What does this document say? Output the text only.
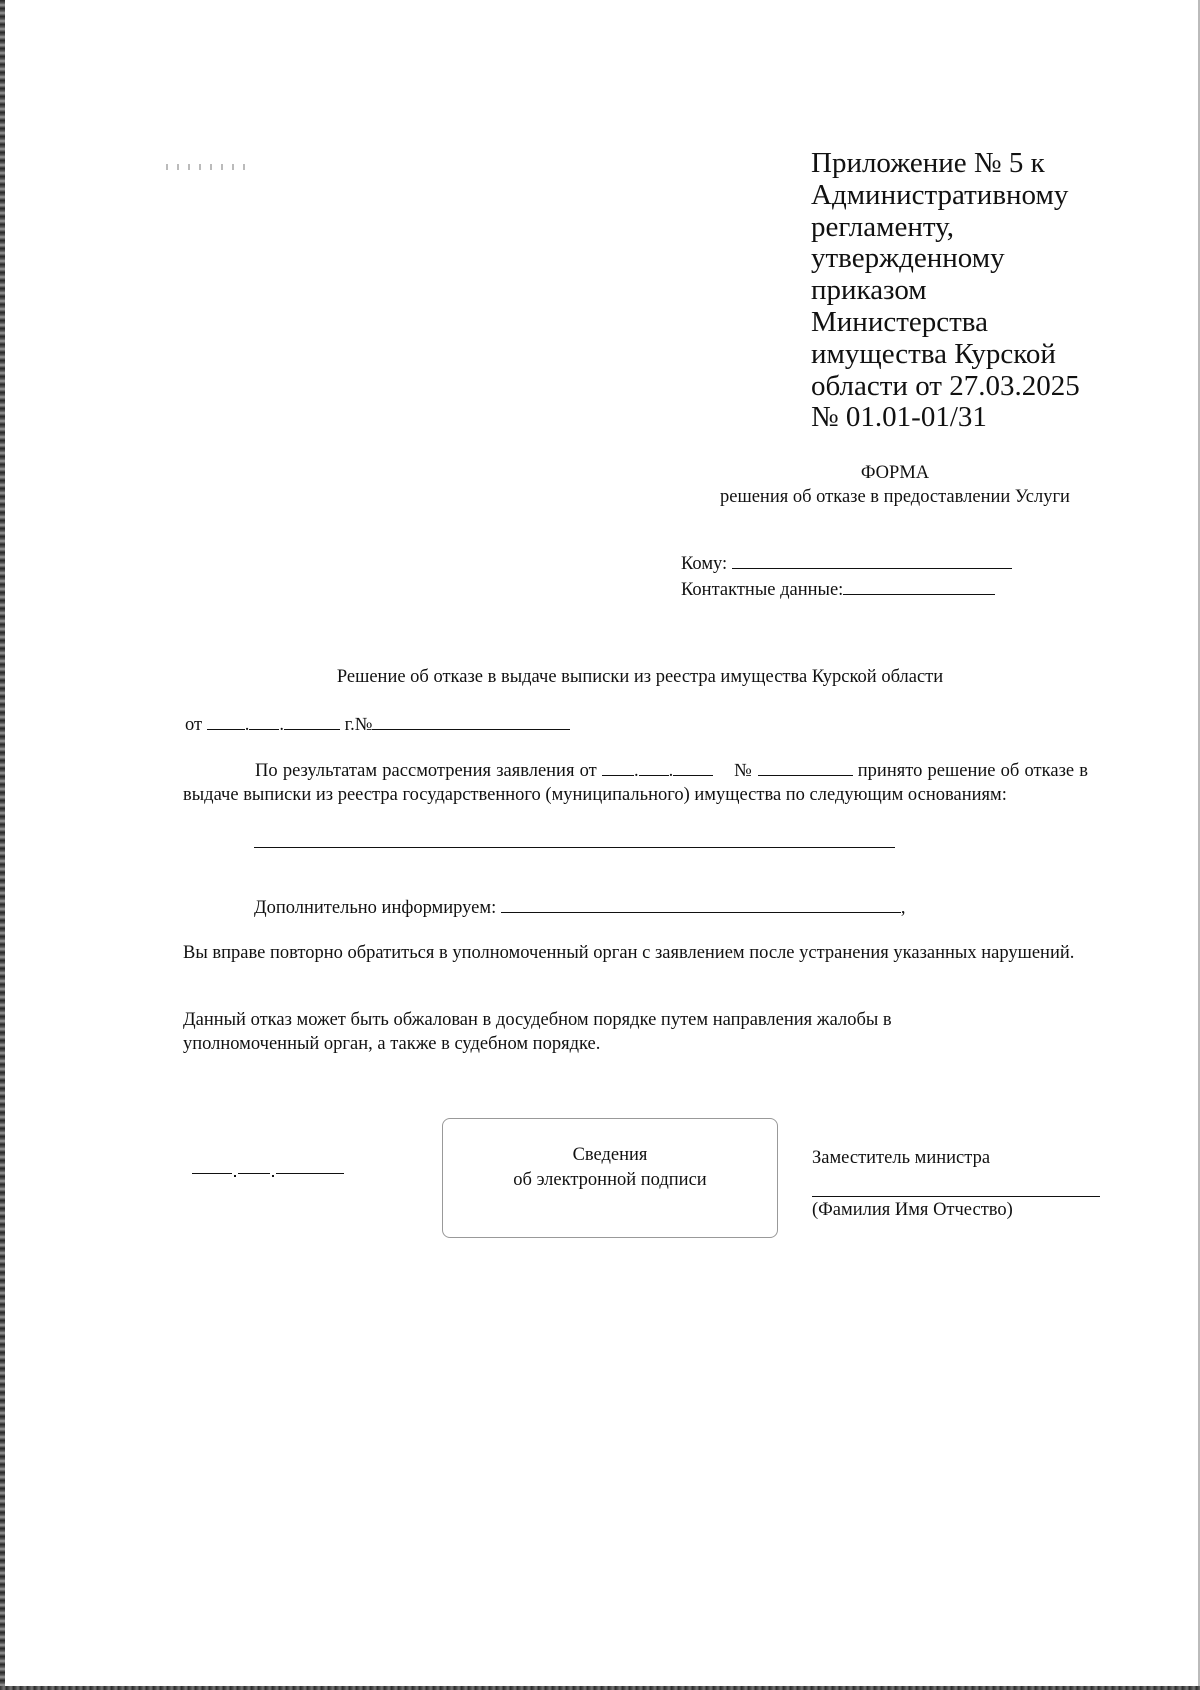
Приложение № 5 к
Административному
регламенту,
утвержденному
приказом
Министерства
имущества Курской
области от 27.03.2025
№ 01.01-01/31
ФОРМА
решения об отказе в предоставлении Услуги
Кому:
Контактные данные:
Решение об отказе в выдаче выписки из реестра имущества Курской области
от . .	г.№
По результатам рассмотрения заявления от . .	№	принято решение об отказе в выдаче выписки из реестра государственного (муниципального) имущества по следующим основаниям:
Дополнительно информируем:	,
Вы вправе повторно обратиться в уполномоченный орган с заявлением после устранения указанных нарушений.
Данный отказ может быть обжалован в досудебном порядке путем направления жалобы в
уполномоченный орган, а также в судебном порядке.
Сведения
об электронной подписи
Заместитель министра
(Фамилия Имя Отчество)
